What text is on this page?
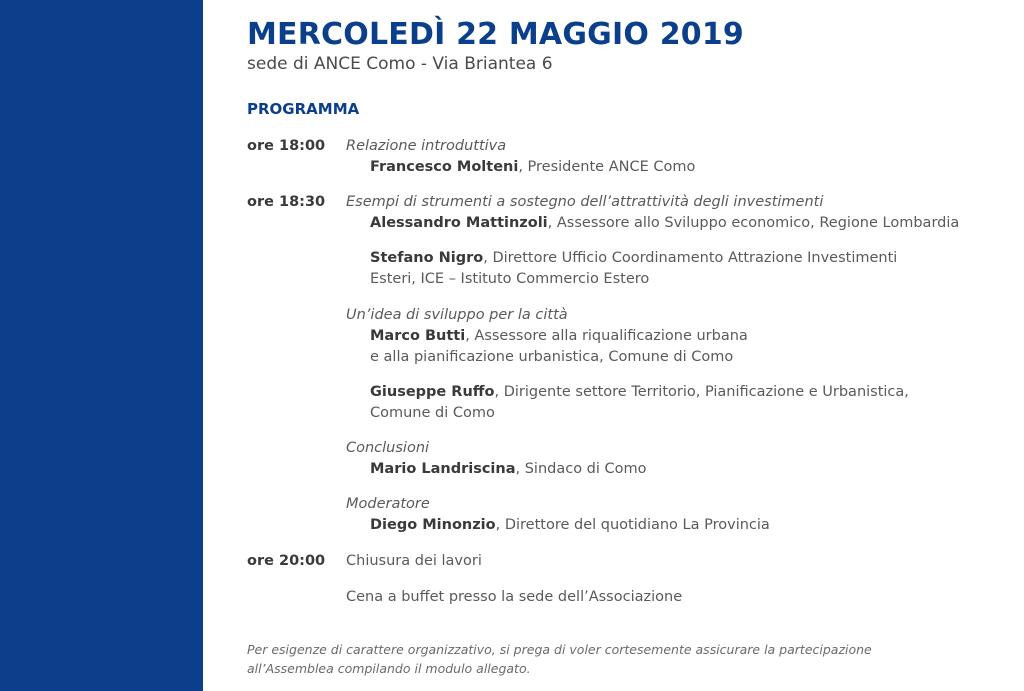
MERCOLEDÌ 22 MAGGIO 2019
sede di ANCE Como - Via Briantea 6
PROGRAMMA
ore 18:00 Relazione introduttiva
Francesco Molteni, Presidente ANCE Como
ore 18:30 Esempi di strumenti a sostegno dell’attrattività degli investimenti
Alessandro Mattinzoli, Assessore allo Sviluppo economico, Regione Lombardia
Stefano Nigro, Direttore Ufficio Coordinamento Attrazione Investimenti
Esteri, ICE – Istituto Commercio Estero
Un’idea di sviluppo per la città
Marco Butti, Assessore alla riqualificazione urbana
e alla pianificazione urbanistica, Comune di Como
Giuseppe Ruffo, Dirigente settore Territorio, Pianificazione e Urbanistica,
Comune di Como
Conclusioni
Mario Landriscina, Sindaco di Como
Moderatore
Diego Minonzio, Direttore del quotidiano La Provincia
ore 20:00 Chiusura dei lavori
Cena a buffet presso la sede dell’Associazione
Per esigenze di carattere organizzativo, si prega di voler cortesemente assicurare la partecipazione
all’Assemblea compilando il modulo allegato.
